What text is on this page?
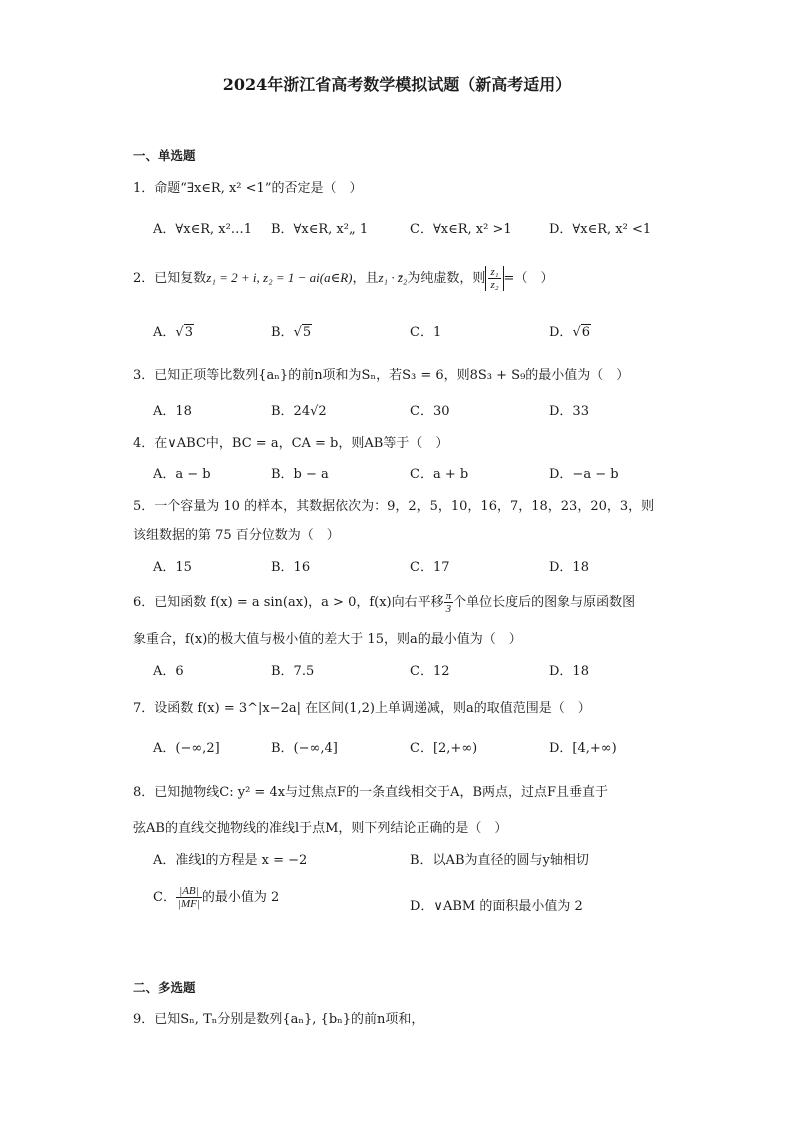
2024年浙江省高考数学模拟试题（新高考适用）
一、单选题
1．命题“∃x∈R, x² <1”的否定是（　）
A．∀x∈R, x²…1 B．∀x∈R, x²„ 1	C．∀x∈R, x² >1	D．∀x∈R, x² <1
2．已知复数z₁ = 2 + i, z₂ = 1 − ai(a∈R)，且z₁ · z̄₂为纯虚数，则 $\frac{\text{z₁}}{\text{z₂}}$ =（　）
A．√3	B．√5	C．1	D．√6
3．已知正项等比数列{aₙ}的前n项和为Sₙ，若S₃ = 6，则8S₃ + S₉的最小值为（　）
A．18	B．24√2	C．30	D．33
4．在∨ABC中，BC = a，CA = b，则AB等于（　）
A．a − b	B．b − a	C．a + b	D．−a − b
5．一个容量为 10 的样本，其数据依次为：9，2，5，10，16，7，18，23，20，3，则
该组数据的第 75 百分位数为（　）
A．15	B．16	C．17	D．18
6．已知函数 f(x) = a sin(ax)，a > 0，f(x)向右平移 $\frac{\pi}{3}$ 个单位长度后的图象与原函数图
象重合，f(x)的极大值与极小值的差大于 15，则a的最小值为（　）
A．6	B．7.5	C．12	D．18
7．设函数 f(x) = 3^|x−2a| 在区间(1,2)上单调递减，则a的取值范围是（　）
A．(−∞,2]	B．(−∞,4]	C．[2,+∞)	D．[4,+∞)
8．已知抛物线C: y² = 4x与过焦点F的一条直线相交于A，B两点，过点F且垂直于
弦AB的直线交抛物线的准线l于点M，则下列结论正确的是（　）
A．准线l的方程是 x = −2	B．以AB为直径的圆与y轴相切
C． $\frac{|AB|}{|MF|}$ 的最小值为 2
D．∨ABM 的面积最小值为 2
二、多选题
9．已知Sₙ, Tₙ分别是数列{aₙ}, {bₙ}的前n项和，
